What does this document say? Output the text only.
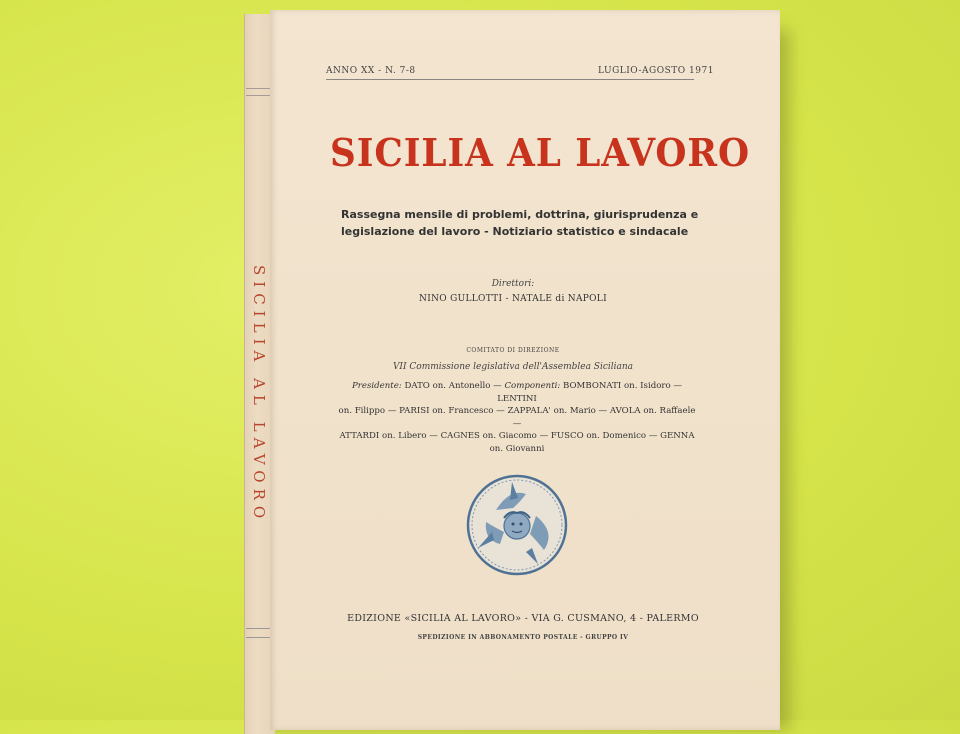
SICILIA AL LAVORO
ANNO XX - N. 7-8	LUGLIO-AGOSTO 1971
SICILIA AL LAVORO
Rassegna mensile di problemi, dottrina, giurisprudenza e
legislazione del lavoro - Notiziario statistico e sindacale
Direttori:
NINO GULLOTTI - NATALE di NAPOLI
COMITATO DI DIREZIONE
VII Commissione legislativa dell'Assemblea Siciliana
Presidente: DATO on. Antonello — Componenti: BOMBONATI on. Isidoro — LENTINI
on. Filippo — PARISI on. Francesco — ZAPPALA' on. Mario — AVOLA on. Raffaele —
ATTARDI on. Libero — CAGNES on. Giacomo — FUSCO on. Domenico — GENNA
on. Giovanni
EDIZIONE «SICILIA AL LAVORO» - VIA G. CUSMANO, 4 - PALERMO
SPEDIZIONE IN ABBONAMENTO POSTALE - GRUPPO IV
